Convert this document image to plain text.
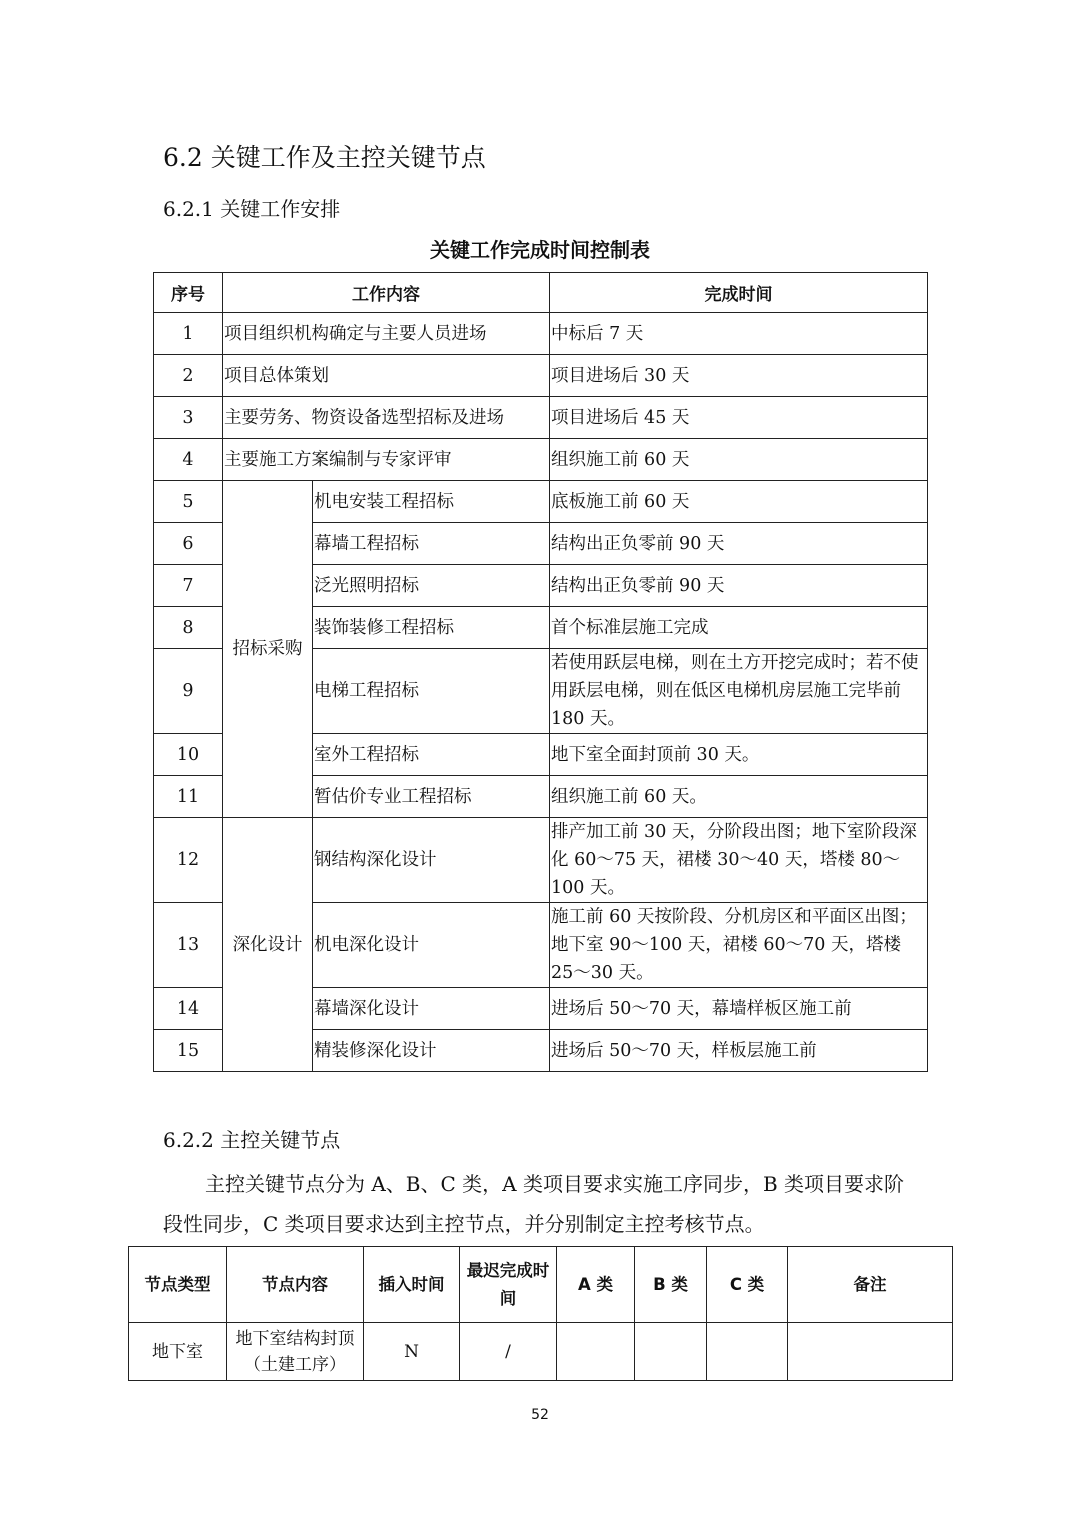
6.2 关键工作及主控关键节点
6.2.1 关键工作安排
关键工作完成时间控制表
序号	工作内容		完成时间
1	项目组织机构确定与主要人员进场		中标后 7 天
2	项目总体策划		项目进场后 30 天
3	主要劳务、物资设备选型招标及进场		项目进场后 45 天
4	主要施工方案编制与专家评审		组织施工前 60 天
5	招标采购	机电安装工程招标	底板施工前 60 天
6		幕墙工程招标	结构出正负零前 90 天
7		泛光照明招标	结构出正负零前 90 天
8		装饰装修工程招标	首个标准层施工完成
9		电梯工程招标	若使用跃层电梯，则在土方开挖完成时；若不使用跃层电梯，则在低区电梯机房层施工完毕前 180 天。
10		室外工程招标	地下室全面封顶前 30 天。
11		暂估价专业工程招标	组织施工前 60 天。
12	深化设计	钢结构深化设计	排产加工前 30 天，分阶段出图；地下室阶段深化 60～75 天，裙楼 30～40 天，塔楼 80～100 天。
13		机电深化设计	施工前 60 天按阶段、分机房区和平面区出图；地下室 90～100 天，裙楼 60～70 天，塔楼 25～30 天。
14		幕墙深化设计	进场后 50～70 天，幕墙样板区施工前
15		精装修深化设计	进场后 50～70 天，样板层施工前
6.2.2 主控关键节点
主控关键节点分为 A、B、C 类，A 类项目要求实施工序同步，B 类项目要求阶段性同步，C 类项目要求达到主控节点，并分别制定主控考核节点。
节点类型	节点内容	插入时间	最迟完成时间	A 类	B 类	C 类	备注
地下室	地下室结构封顶（土建工序）	N	/				
52
